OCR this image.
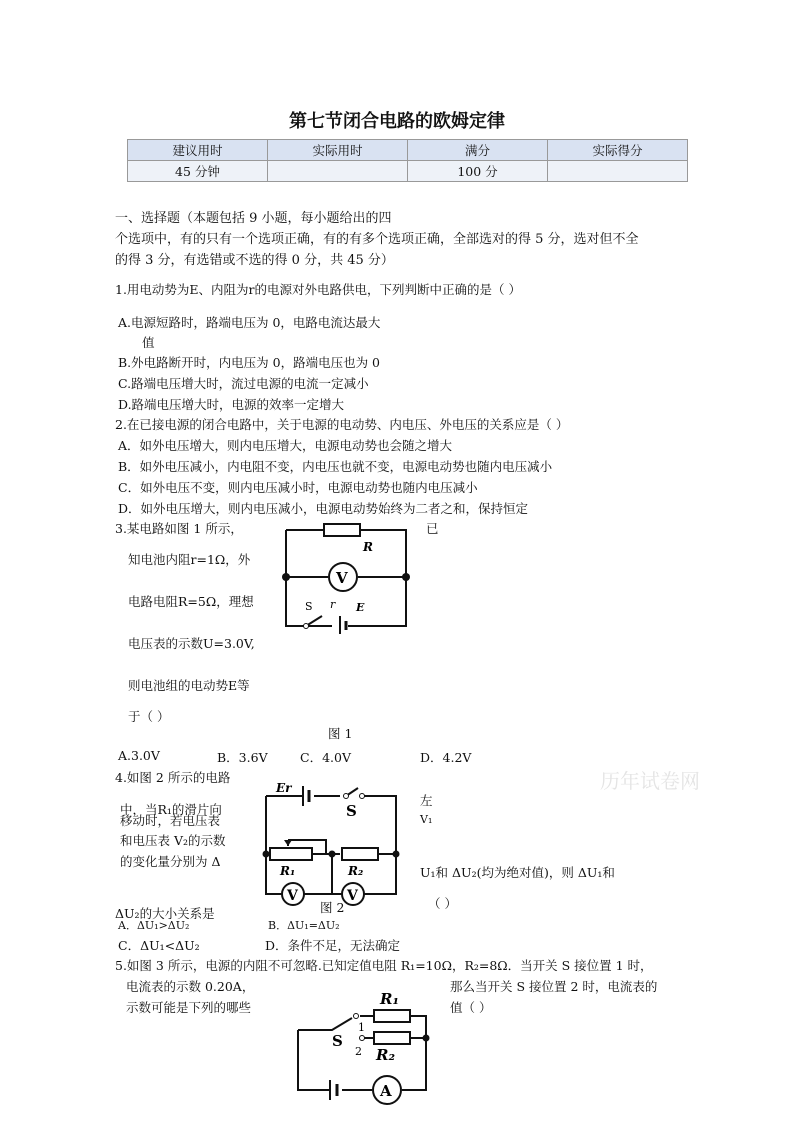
第七节闭合电路的欧姆定律
建议用时	实际用时	满分	实际得分
45 分钟		100 分	
一、选择题（本题包括 9 小题，每小题给出的四
个选项中，有的只有一个选项正确，有的有多个选项正确，全部选对的得 5 分，选对但不全
的得 3 分，有选错或不选的得 0 分，共 45 分）
1.用电动势为E、内阻为r的电源对外电路供电，下列判断中正确的是（ ）
A.电源短路时，路端电压为 0，电路电流达最大
值
B.外电路断开时，内电压为 0，路端电压也为 0
C.路端电压增大时，流过电源的电流一定减小
D.路端电压增大时，电源的效率一定增大
2.在已接电源的闭合电路中，关于电源的电动势、内电压、外电压的关系应是（ ）
A．如外电压增大，则内电压增大，电源电动势也会随之增大
B．如外电压减小，内电阻不变，内电压也就不变，电源电动势也随内电压减小
C．如外电压不变，则内电压减小时，电源电动势也随内电压减小
D．如外电压增大，则内电压减小，电源电动势始终为二者之和，保持恒定
3.某电路如图 1 所示，	已
知电池内阻r=1Ω，外
电路电阻R=5Ω，理想
电压表的示数U=3.0V,
则电池组的电动势E等
于（ ）
图 1
A.3.0V	B．3.6V	C．4.0V	D．4.2V
R
V
S r E
4.如图 2 所示的电路
中，当R₁的滑片向
移动时，若电压表
和电压表 V₂的示数
的变化量分别为 Δ
左
V₁
U₁和 ΔU₂(均为绝对值)，则 ΔU₁和
（ ）
ΔU₂的大小关系是
A．ΔU₁>ΔU₂	B．ΔU₁=ΔU₂
C．ΔU₁<ΔU₂	D．条件不足，无法确定
图 2
Er
S
R₁	R₂
V	V
5.如图 3 所示，电源的内阻不可忽略.已知定值电阻 R₁=10Ω，R₂=8Ω．当开关 S 接位置 1 时，
电流表的示数 0.20A，	那么当开关 S 接位置 2 时，电流表的
示数可能是下列的哪些	值（ ）
R₁
R₂
S
1
2
A
历年试卷网
